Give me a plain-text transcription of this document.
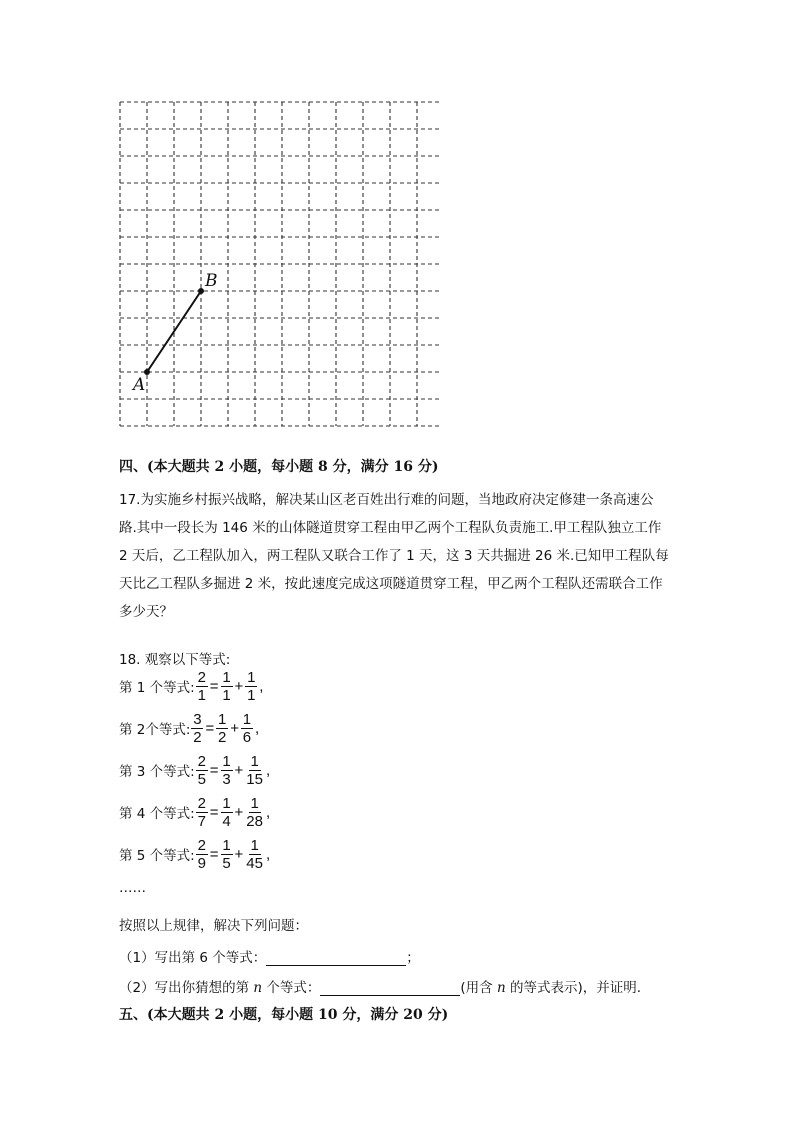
A
B
四、(本大题共 2 小题，每小题 8 分，满分 16 分)
17.为实施乡村振兴战略，解决某山区老百姓出行难的问题，当地政府决定修建一条高速公
路.其中一段长为 146 米的山体隧道贯穿工程由甲乙两个工程队负责施工.甲工程队独立工作
2 天后，乙工程队加入，两工程队又联合工作了 1 天，这 3 天共掘进 26 米.已知甲工程队每
天比乙工程队多掘进 2 米，按此速度完成这项隧道贯穿工程，甲乙两个工程队还需联合工作
多少天？
18. 观察以下等式:
第 1 个等式: $\frac{2}{1} = \frac{1}{1} + \frac{1}{1}$ ,
第 2个等式: $\frac{3}{2} = \frac{1}{2} + \frac{1}{6}$ ,
第 3 个等式: $\frac{2}{5} = \frac{1}{3} + \frac{1}{15}$ ,
第 4 个等式: $\frac{2}{7} = \frac{1}{4} + \frac{1}{28}$ ,
第 5 个等式: $\frac{2}{9} = \frac{1}{5} + \frac{1}{45}$ ,
……
按照以上规律，解决下列问题：
（1）写出第 6 个等式：	；
（2）写出你猜想的第 n 个等式：	(用含 n 的等式表示)，并证明.
五、(本大题共 2 小题，每小题 10 分，满分 20 分)
